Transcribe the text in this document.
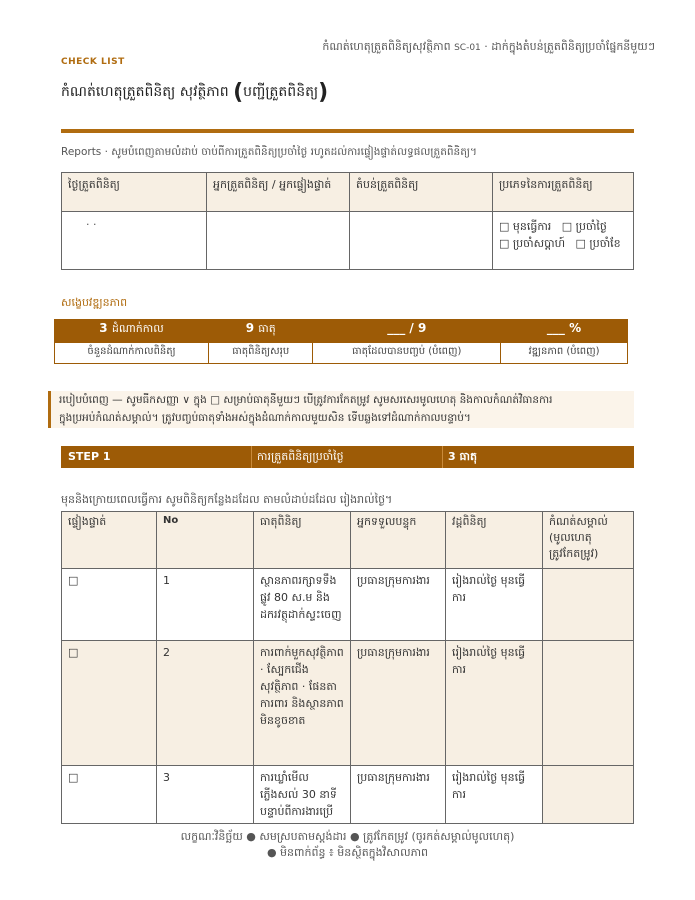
កំណត់ហេតុត្រួតពិនិត្យសុវត្ថិភាព SC-01 · ដាក់ក្នុងតំបន់ត្រួតពិនិត្យប្រចាំផ្នែកនីមួយៗ
CHECK LIST
កំណត់ហេតុត្រួតពិនិត្យ សុវត្ថិភាព (បញ្ជីត្រួតពិនិត្យ)
Reports · សូមបំពេញតាមលំដាប់ ចាប់ពីការត្រួតពិនិត្យប្រចាំថ្ងៃ រហូតដល់ការផ្ទៀងផ្ទាត់លទ្ធផលត្រួតពិនិត្យ។
ថ្ងៃត្រួតពិនិត្យ	អ្នកត្រួតពិនិត្យ / អ្នកផ្ទៀងផ្ទាត់	តំបន់ត្រួតពិនិត្យ	ប្រភេទនៃការត្រួតពិនិត្យ
· ·			□ មុនធ្វើការ □ ប្រចាំថ្ងៃ
□ ប្រចាំសប្តាហ៍ □ ប្រចាំខែ
សង្ខេបវឌ្ឍនភាព
3 ដំណាក់កាល	9 ធាតុ	___ / 9	___ %
ចំនួនដំណាក់កាលពិនិត្យ	ធាតុពិនិត្យសរុប	ធាតុដែលបានបញ្ចប់ (បំពេញ)	វឌ្ឍនភាព (បំពេញ)
របៀបបំពេញ — សូមធីកសញ្ញា ∨ ក្នុង □ សម្រាប់ធាតុនីមួយៗ បើត្រូវការកែតម្រូវ សូមសរសេរមូលហេតុ និងកាលកំណត់វិធានការ
ក្នុងប្រអប់កំណត់សម្គាល់។ ត្រូវបញ្ចប់ធាតុទាំងអស់ក្នុងដំណាក់កាលមួយសិន ទើបឆ្លងទៅដំណាក់កាលបន្ទាប់។
STEP 1	ការត្រួតពិនិត្យប្រចាំថ្ងៃ	3 ធាតុ
មុននិងក្រោយពេលធ្វើការ សូមពិនិត្យកន្លែងដដែល តាមលំដាប់ដដែល រៀងរាល់ថ្ងៃ។
ផ្ទៀងផ្ទាត់	No	ធាតុពិនិត្យ	អ្នកទទួលបន្ទុក	វដ្តពិនិត្យ	កំណត់សម្គាល់ (មូលហេតុត្រូវកែតម្រូវ)
□	1	ស្ថានភាពរក្សាទទឹងផ្លូវ 80 ស.ម និងដករវត្ថុដាក់ស្ទះចេញ	ប្រធានក្រុមការងារ	រៀងរាល់ថ្ងៃ មុនធ្វើការ	
□	2	ការពាក់មួកសុវត្ថិភាព · ស្បែកជើងសុវត្ថិភាព · ផែនតាការពារ និងស្ថានភាពមិនខូចខាត	ប្រធានក្រុមការងារ	រៀងរាល់ថ្ងៃ មុនធ្វើការ	
□	3	ការឃ្លាំមើលភ្លើងសល់ 30 នាទីបន្ទាប់ពីការងារប្រើ	ប្រធានក្រុមការងារ	រៀងរាល់ថ្ងៃ មុនធ្វើការ	
លក្ខណៈវិនិច្ឆ័យ ● សមស្របតាមស្តង់ដារ ● ត្រូវកែតម្រូវ (ចូរកត់សម្គាល់មូលហេតុ)
● មិនពាក់ព័ន្ធ ៖ មិនស្ថិតក្នុងវិសាលភាព
